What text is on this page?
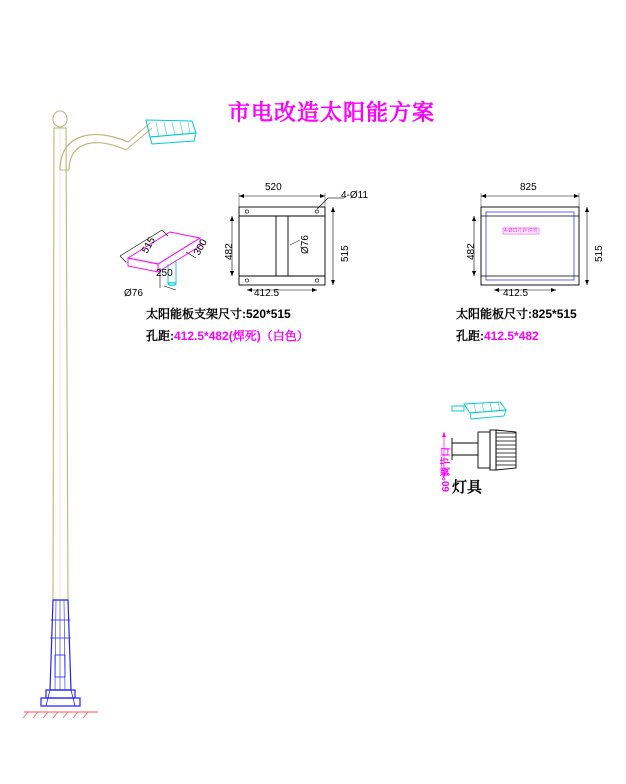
市电改造太阳能方案
515
250
300
Ø76
520
4-Ø11
482	515
412.5
Ø76
太阳能板支架尺寸:520*515
孔距:412.5*482(焊死)（白色）
825
482	515
412.5
4-Ø11孔距说明
太阳能板尺寸:825*515
孔距:412.5*482
60°调节口 灯具
